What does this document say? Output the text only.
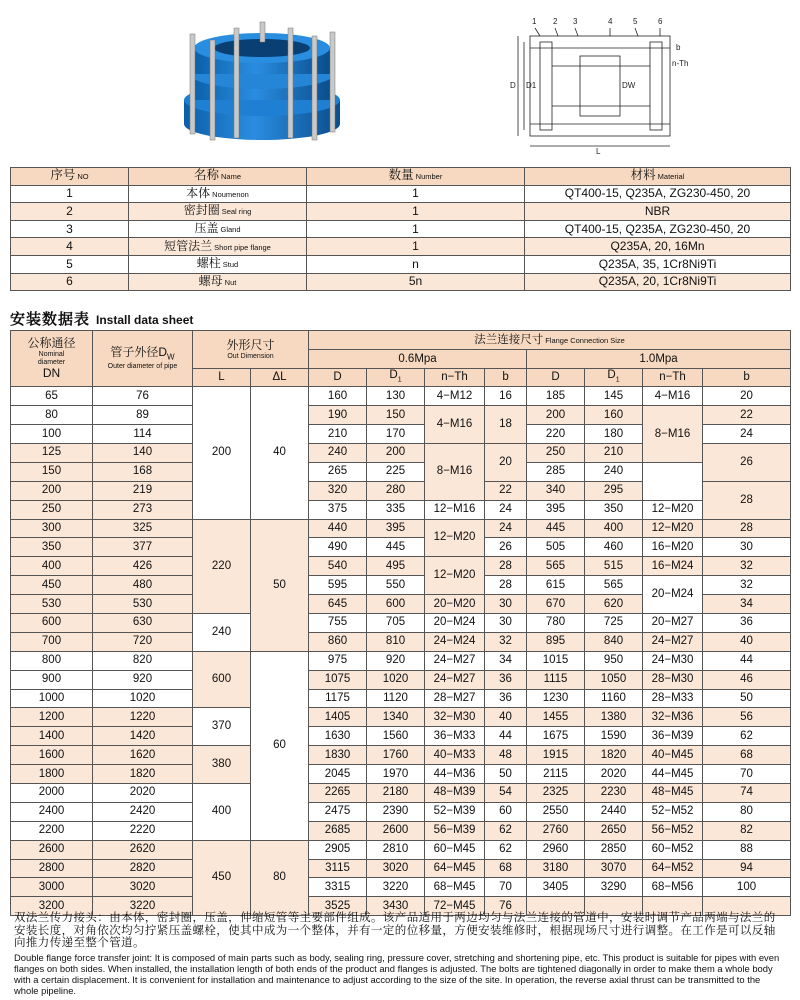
1 2 3	4	5	6
D D1	DW
L
n-Th
b
序号 NO	名称 Name	数量 Number	材料 Material
1	本体 Noumenon	1	QT400-15, Q235A, ZG230-450, 20
2	密封圈 Seal ring	1	NBR
3	压盖 Gland	1	QT400-15, Q235A, ZG230-450, 20
4	短管法兰 Short pipe flange	1	Q235A, 20, 16Mn
5	螺柱 Stud	n	Q235A, 35, 1Cr8Ni9Ti
6	螺母 Nut	5n	Q235A, 20, 1Cr8Ni9Ti
安装数据表 Install data sheet
公称通径
Nominal
diameter
DN	管子外径$D_W$
Outer diameter of pipe	外形尺寸
Out Dimension		法兰连接尺寸 Flange Connection Size							
				0.6Mpa				1.0Mpa			
		L	ΔL	D	$D_1$	n−Th	b	D	$D_1$	n−Th	b
65	76	200	40	160	130	4−M12	16	185	145	4−M16	20
80	89			190	150	4−M16	18	200	160	8−M16	22
100	114			210	170			220	180		24
125	140			240	200	8−M16	20	250	210		26
150	168			265	225			285	240		
200	219			320	280		22	340	295		28
250	273			375	335	12−M16	24	395	350	12−M20	
300	325	220	50	440	395	12−M20	24	445	400	12−M20	28
350	377			490	445		26	505	460	16−M20	30
400	426			540	495	12−M20	28	565	515	16−M24	32
450	480			595	550		28	615	565	20−M24	32
530	530			645	600	20−M20	30	670	620		34
600	630	240		755	705	20−M24	30	780	725	20−M27	36
700	720			860	810	24−M24	32	895	840	24−M27	40
800	820	600	60	975	920	24−M27	34	1015	950	24−M30	44
900	920			1075	1020	24−M27	36	1115	1050	28−M30	46
1000	1020			1175	1120	28−M27	36	1230	1160	28−M33	50
1200	1220	370		1405	1340	32−M30	40	1455	1380	32−M36	56
1400	1420			1630	1560	36−M33	44	1675	1590	36−M39	62
1600	1620	380		1830	1760	40−M33	48	1915	1820	40−M45	68
1800	1820			2045	1970	44−M36	50	2115	2020	44−M45	70
2000	2020	400		2265	2180	48−M39	54	2325	2230	48−M45	74
2400	2420			2475	2390	52−M39	60	2550	2440	52−M52	80
2200	2220			2685	2600	56−M39	62	2760	2650	56−M52	82
2600	2620	450	80	2905	2810	60−M45	62	2960	2850	60−M52	88
2800	2820			3115	3020	64−M45	68	3180	3070	64−M52	94
3000	3020			3315	3220	68−M45	70	3405	3290	68−M56	100
3200	3220			3525	3430	72−M45	76				
双法兰传力接头：由本体，密封圈，压盖，伸缩短管等主要部件组成。该产品适用于两边均匀与法兰连接的管道中，安装时调节产品两端与法兰的安装长度，对角依次均匀拧紧压盖螺栓，使其中成为一个整体，并有一定的位移量，方便安装维修时，根据现场尺寸进行调整。在工作是可以反轴向推力传递至整个管道。
Double flange force transfer joint: It is composed of main parts such as body, sealing ring, pressure cover, stretching and shortening pipe, etc. This product is suitable for pipes with even flanges on both sides. When installed, the installation length of both ends of the product and flanges is adjusted. The bolts are tightened diagonally in order to make them a whole body with a certain displacement. It is convenient for installation and maintenance to adjust according to the size of the site. In operation, the reverse axial thrust can be transmitted to the whole pipeline.
